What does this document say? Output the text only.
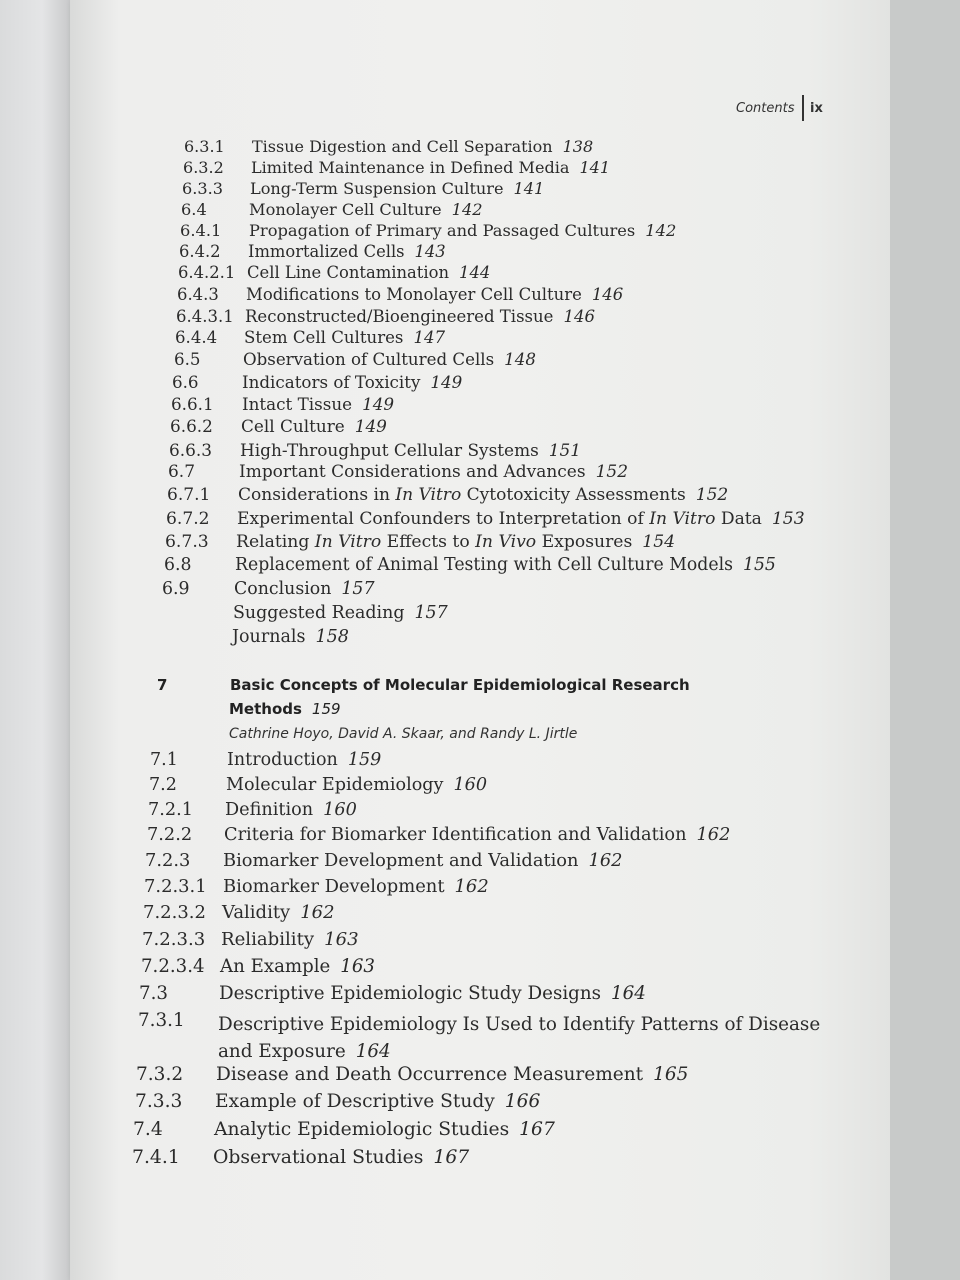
Contents ix
6.3.1 Tissue Digestion and Cell Separation 138
6.3.2 Limited Maintenance in Defined Media 141
6.3.3 Long-Term Suspension Culture 141
6.4	Monolayer Cell Culture 142
6.4.1 Propagation of Primary and Passaged Cultures 142
6.4.2 Immortalized Cells 143
6.4.2.1 Cell Line Contamination 144
6.4.3 Modifications to Monolayer Cell Culture 146
6.4.3.1 Reconstructed/Bioengineered Tissue 146
6.4.4 Stem Cell Cultures 147
6.5	Observation of Cultured Cells 148
6.6	Indicators of Toxicity 149
6.6.1 Intact Tissue 149
6.6.2 Cell Culture 149
6.6.3 High-Throughput Cellular Systems 151
6.7	Important Considerations and Advances 152
6.7.1 Considerations in In Vitro Cytotoxicity Assessments 152
6.7.2 Experimental Confounders to Interpretation of In Vitro Data 153
6.7.3 Relating In Vitro Effects to In Vivo Exposures 154
6.8	Replacement of Animal Testing with Cell Culture Models 155
6.9	Conclusion 157
Suggested Reading 157
Journals 158
7	Basic Concepts of Molecular Epidemiological Research
Methods 159
Cathrine Hoyo, David A. Skaar, and Randy L. Jirtle
7.1	Introduction 159
7.2	Molecular Epidemiology 160
7.2.1 Definition 160
7.2.2 Criteria for Biomarker Identification and Validation 162
7.2.3 Biomarker Development and Validation 162
7.2.3.1 Biomarker Development 162
7.2.3.2 Validity 162
7.2.3.3 Reliability 163
7.2.3.4 An Example 163
7.3	Descriptive Epidemiologic Study Designs 164
7.3.1 Descriptive Epidemiology Is Used to Identify Patterns of Disease
and Exposure 164
7.3.2 Disease and Death Occurrence Measurement 165
7.3.3 Example of Descriptive Study 166
7.4	Analytic Epidemiologic Studies 167
7.4.1 Observational Studies 167
